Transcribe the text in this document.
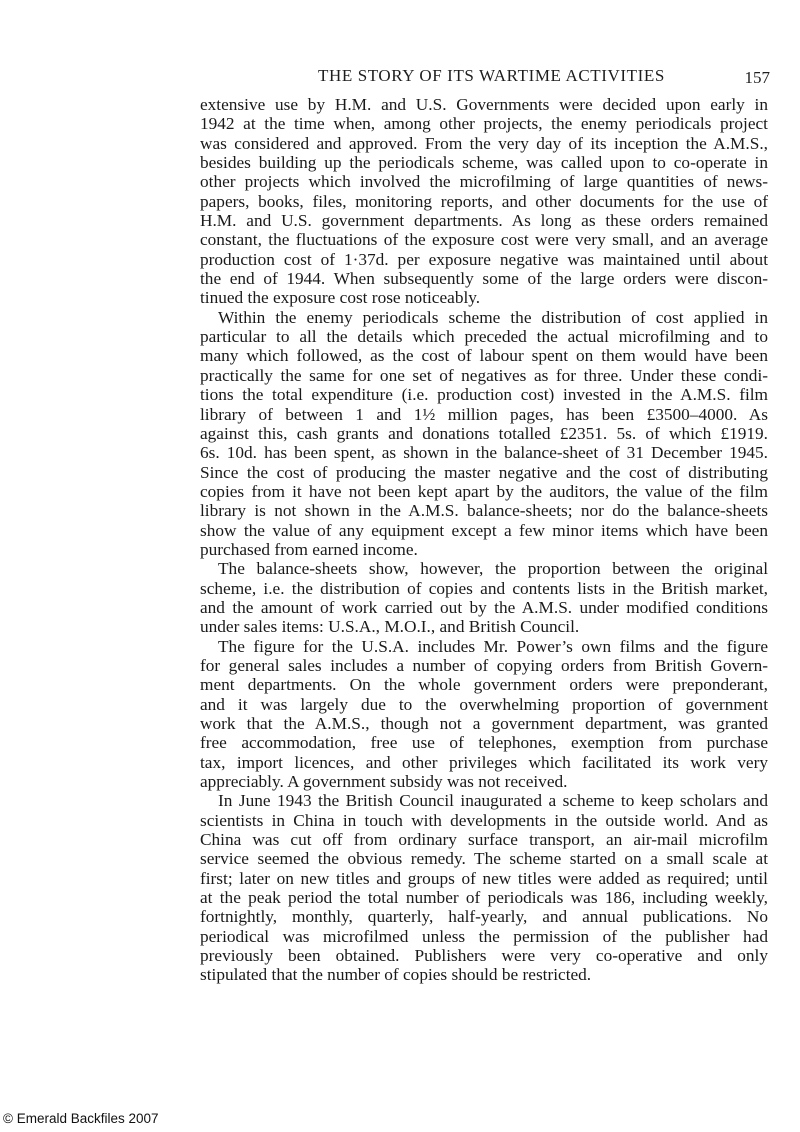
THE STORY OF ITS WARTIME ACTIVITIES	157
extensive use by H.M. and U.S. Governments were decided upon early in
1942 at the time when, among other projects, the enemy periodicals project
was considered and approved. From the very day of its inception the A.M.S.,
besides building up the periodicals scheme, was called upon to co-operate in
other projects which involved the microfilming of large quantities of news-
papers, books, files, monitoring reports, and other documents for the use of
H.M. and U.S. government departments. As long as these orders remained
constant, the fluctuations of the exposure cost were very small, and an average
production cost of 1·37d. per exposure negative was maintained until about
the end of 1944. When subsequently some of the large orders were discon-
tinued the exposure cost rose noticeably.
Within the enemy periodicals scheme the distribution of cost applied in
particular to all the details which preceded the actual microfilming and to
many which followed, as the cost of labour spent on them would have been
practically the same for one set of negatives as for three. Under these condi-
tions the total expenditure (i.e. production cost) invested in the A.M.S. film
library of between 1 and 1½ million pages, has been £3500–4000. As
against this, cash grants and donations totalled £2351. 5s. of which £1919.
6s. 10d. has been spent, as shown in the balance-sheet of 31 December 1945.
Since the cost of producing the master negative and the cost of distributing
copies from it have not been kept apart by the auditors, the value of the film
library is not shown in the A.M.S. balance-sheets; nor do the balance-sheets
show the value of any equipment except a few minor items which have been
purchased from earned income.
The balance-sheets show, however, the proportion between the original
scheme, i.e. the distribution of copies and contents lists in the British market,
and the amount of work carried out by the A.M.S. under modified conditions
under sales items: U.S.A., M.O.I., and British Council.
The figure for the U.S.A. includes Mr. Power’s own films and the figure
for general sales includes a number of copying orders from British Govern-
ment departments. On the whole government orders were preponderant,
and it was largely due to the overwhelming proportion of government
work that the A.M.S., though not a government department, was granted
free accommodation, free use of telephones, exemption from purchase
tax, import licences, and other privileges which facilitated its work very
appreciably. A government subsidy was not received.
In June 1943 the British Council inaugurated a scheme to keep scholars and
scientists in China in touch with developments in the outside world. And as
China was cut off from ordinary surface transport, an air-mail microfilm
service seemed the obvious remedy. The scheme started on a small scale at
first; later on new titles and groups of new titles were added as required; until
at the peak period the total number of periodicals was 186, including weekly,
fortnightly, monthly, quarterly, half-yearly, and annual publications. No
periodical was microfilmed unless the permission of the publisher had
previously been obtained. Publishers were very co-operative and only
stipulated that the number of copies should be restricted.
© Emerald Backfiles 2007
